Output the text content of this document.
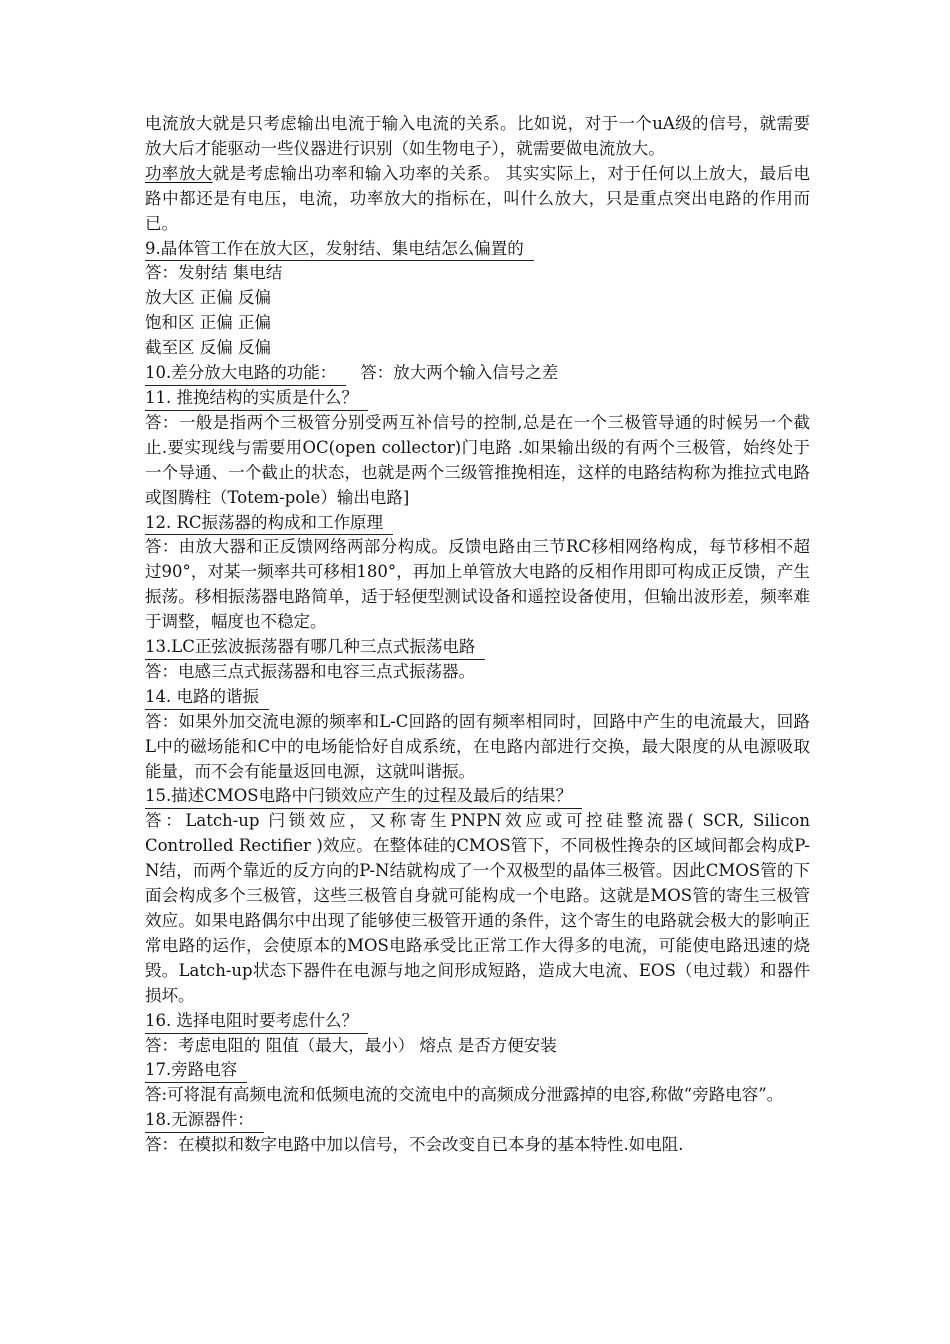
电流放大就是只考虑输出电流于输入电流的关系。比如说，对于一个uA级的信号，就需要放大后才能驱动一些仪器进行识别（如生物电子），就需要做电流放大。

功率放大就是考虑输出功率和输入功率的关系。 其实实际上，对于任何以上放大，最后电路中都还是有电压，电流，功率放大的指标在，叫什么放大，只是重点突出电路的作用而已。

9.晶体管工作在放大区，发射结、集电结怎么偏置的

答：发射结 集电结

放大区 正偏 反偏

饱和区 正偏 正偏

截至区 反偏 反偏

10.差分放大电路的功能： 答：放大两个输入信号之差

11. 推挽结构的实质是什么？

答：一般是指两个三极管分别受两互补信号的控制,总是在一个三极管导通的时候另一个截止.要实现线与需要用OC(open collector)门电路 .如果输出级的有两个三极管，始终处于一个导通、一个截止的状态，也就是两个三级管推挽相连，这样的电路结构称为推拉式电路或图腾柱（Totem-pole）输出电路]

12. RC振荡器的构成和工作原理

答：由放大器和正反馈网络两部分构成。反馈电路由三节RC移相网络构成，每节移相不超过90°，对某一频率共可移相180°，再加上单管放大电路的反相作用即可构成正反馈，产生振荡。移相振荡器电路简单，适于轻便型测试设备和遥控设备使用，但输出波形差，频率难于调整，幅度也不稳定。

13.LC正弦波振荡器有哪几种三点式振荡电路

答：电感三点式振荡器和电容三点式振荡器。

14. 电路的谐振

答：如果外加交流电源的频率和L-C回路的固有频率相同时，回路中产生的电流最大，回路L中的磁场能和C中的电场能恰好自成系统，在电路内部进行交换，最大限度的从电源吸取能量，而不会有能量返回电源，这就叫谐振。

15.描述CMOS电路中闩锁效应产生的过程及最后的结果？

答：Latch-up 闩锁效应，又称寄生PNPN效应或可控硅整流器( SCR, Silicon Controlled Rectifier )效应。在整体硅的CMOS管下，不同极性搀杂的区域间都会构成P-N结，而两个靠近的反方向的P-N结就构成了一个双极型的晶体三极管。因此CMOS管的下面会构成多个三极管，这些三极管自身就可能构成一个电路。这就是MOS管的寄生三极管效应。如果电路偶尔中出现了能够使三极管开通的条件，这个寄生的电路就会极大的影响正常电路的运作，会使原本的MOS电路承受比正常工作大得多的电流，可能使电路迅速的烧毁。Latch-up状态下器件在电源与地之间形成短路，造成大电流、EOS（电过载）和器件损坏。

16. 选择电阻时要考虑什么？

答：考虑电阻的 阻值（最大，最小） 熔点 是否方便安装

17.旁路电容

答:可将混有高频电流和低频电流的交流电中的高频成分泄露掉的电容,称做“旁路电容”。

18.无源器件：

答：在模拟和数字电路中加以信号，不会改变自已本身的基本特性.如电阻.
